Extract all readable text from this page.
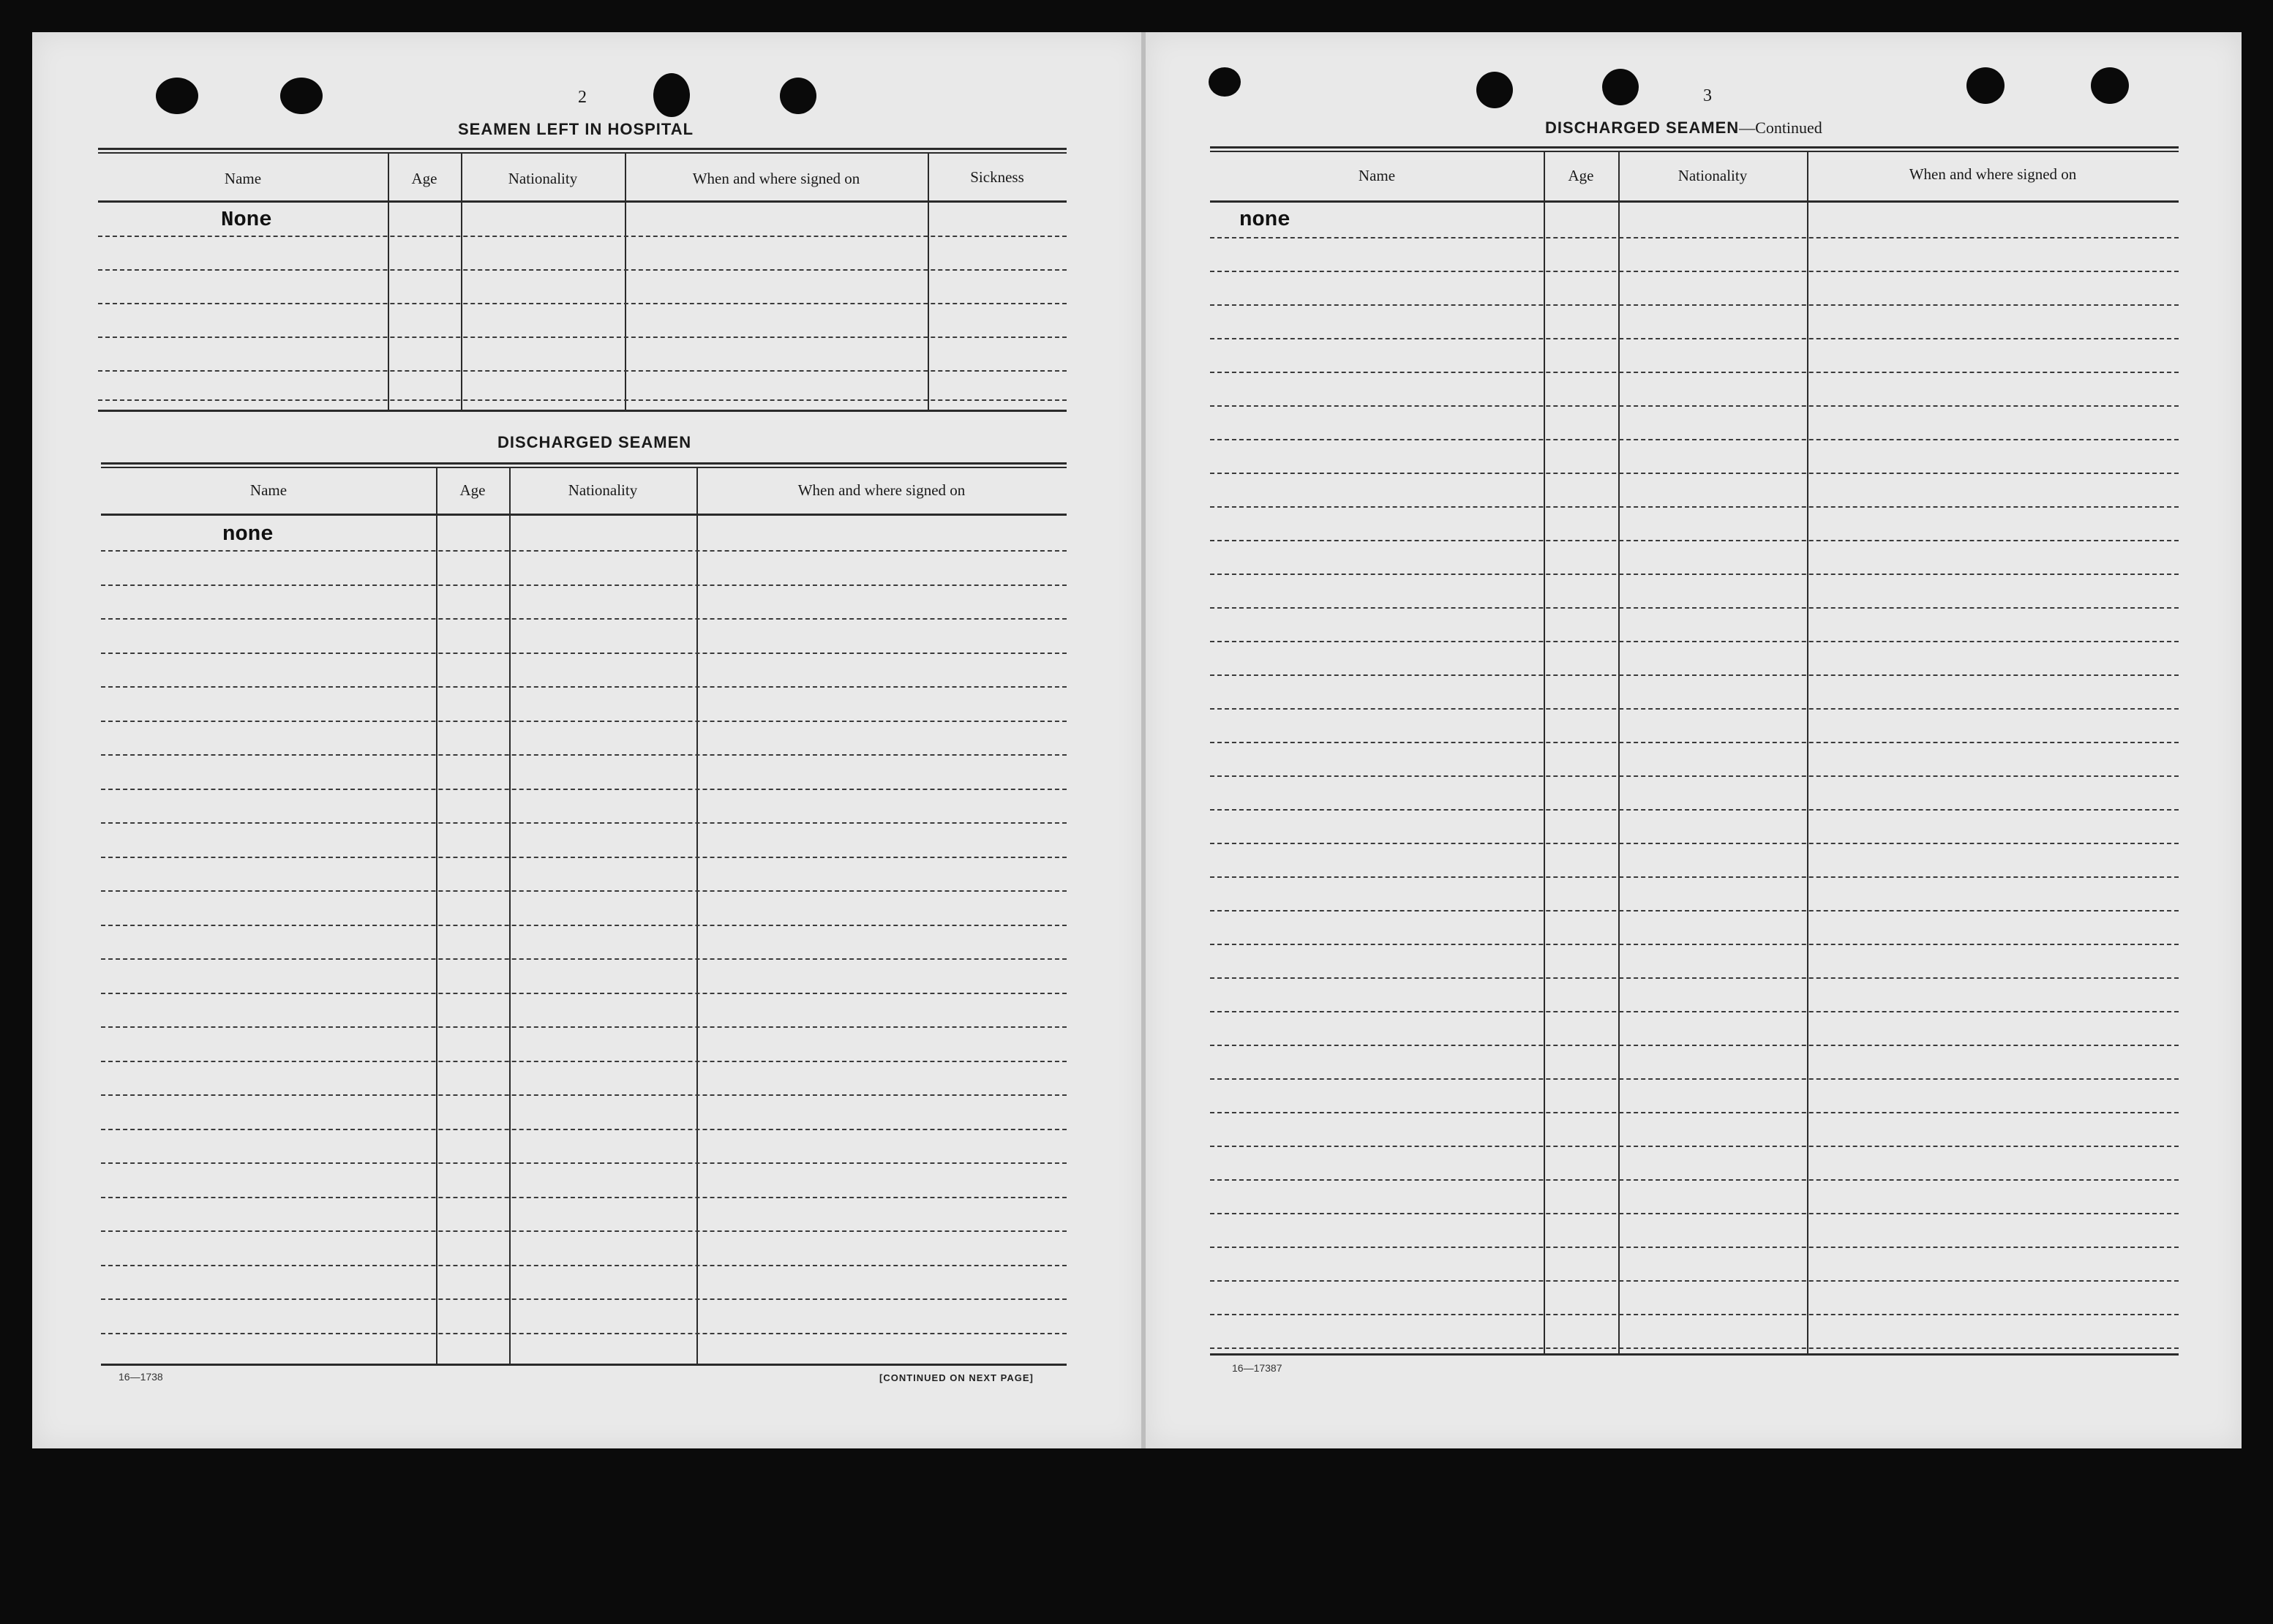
2
SEAMEN LEFT IN HOSPITAL
Name	Age	Nationality	When and where signed on	Sickness
None
DISCHARGED SEAMEN
Name	Age	Nationality	When and where signed on
none
16—1738	[CONTINUED ON NEXT PAGE]
3
DISCHARGED SEAMEN—Continued
Name	Age	Nationality	When and where signed on
none
16—17387
